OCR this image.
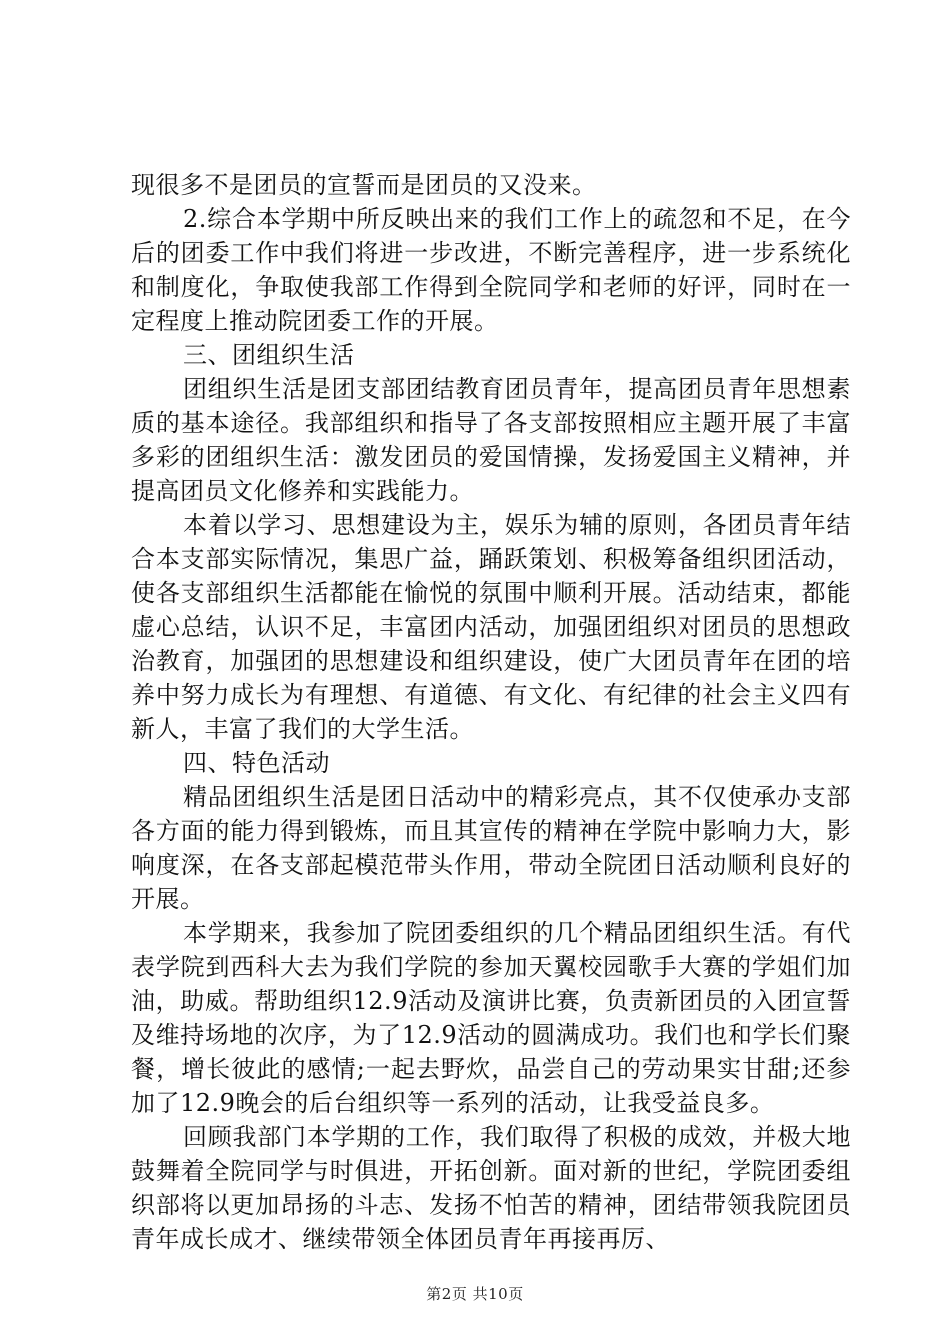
现很多不是团员的宣誓而是团员的又没来。

2.综合本学期中所反映出来的我们工作上的疏忽和不足，在今后的团委工作中我们将进一步改进，不断完善程序，进一步系统化和制度化，争取使我部工作得到全院同学和老师的好评，同时在一定程度上推动院团委工作的开展。

三、团组织生活

团组织生活是团支部团结教育团员青年，提高团员青年思想素质的基本途径。我部组织和指导了各支部按照相应主题开展了丰富多彩的团组织生活：激发团员的爱国情操，发扬爱国主义精神，并提高团员文化修养和实践能力。

本着以学习、思想建设为主，娱乐为辅的原则，各团员青年结合本支部实际情况，集思广益，踊跃策划、积极筹备组织团活动，使各支部组织生活都能在愉悦的氛围中顺利开展。活动结束，都能虚心总结，认识不足，丰富团内活动，加强团组织对团员的思想政治教育，加强团的思想建设和组织建设，使广大团员青年在团的培养中努力成长为有理想、有道德、有文化、有纪律的社会主义四有新人，丰富了我们的大学生活。

四、特色活动

精品团组织生活是团日活动中的精彩亮点，其不仅使承办支部各方面的能力得到锻炼，而且其宣传的精神在学院中影响力大，影响度深，在各支部起模范带头作用，带动全院团日活动顺利良好的开展。

本学期来，我参加了院团委组织的几个精品团组织生活。有代表学院到西科大去为我们学院的参加天翼校园歌手大赛的学姐们加油，助威。帮助组织12.9活动及演讲比赛，负责新团员的入团宣誓及维持场地的次序，为了12.9活动的圆满成功。我们也和学长们聚餐，增长彼此的感情;一起去野炊，品尝自己的劳动果实甘甜;还参加了12.9晚会的后台组织等一系列的活动，让我受益良多。

回顾我部门本学期的工作，我们取得了积极的成效，并极大地鼓舞着全院同学与时俱进，开拓创新。面对新的世纪，学院团委组织部将以更加昂扬的斗志、发扬不怕苦的精神，团结带领我院团员青年成长成才、继续带领全体团员青年再接再厉、

第2页 共10页
